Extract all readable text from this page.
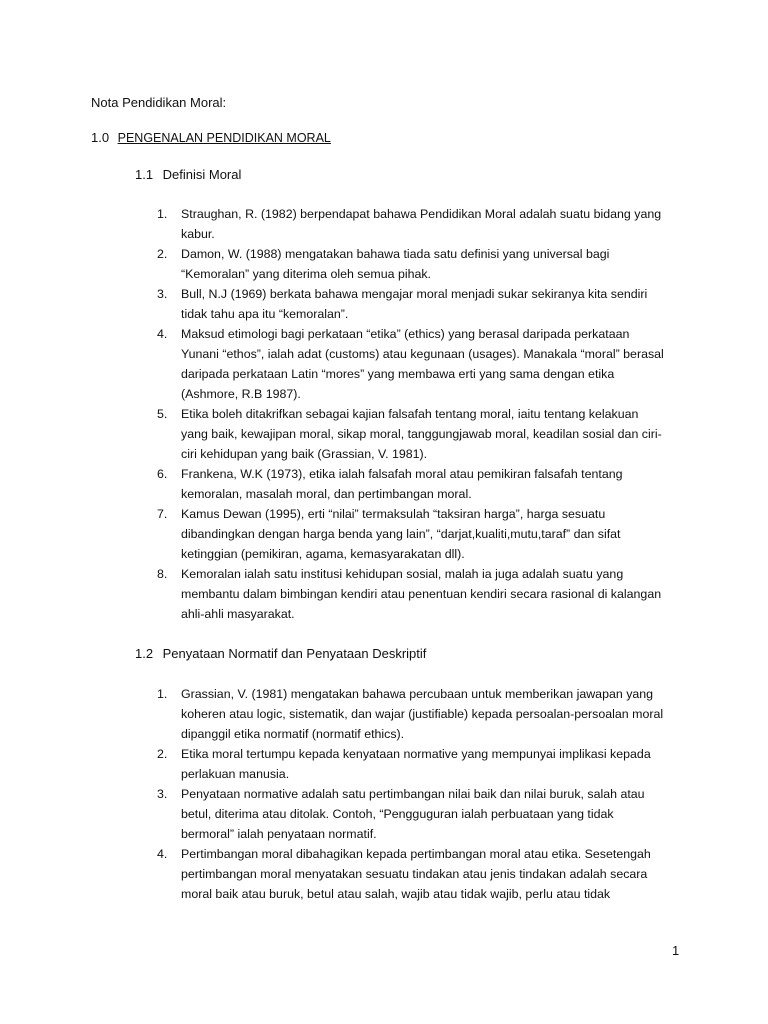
Nota Pendidikan Moral:
1.0 PENGENALAN PENDIDIKAN MORAL
1.1 Definisi Moral
1. Straughan, R. (1982) berpendapat bahawa Pendidikan Moral adalah suatu bidang yang
kabur.
2. Damon, W. (1988) mengatakan bahawa tiada satu definisi yang universal bagi
“Kemoralan” yang diterima oleh semua pihak.
3. Bull, N.J (1969) berkata bahawa mengajar moral menjadi sukar sekiranya kita sendiri
tidak tahu apa itu “kemoralan”.
4. Maksud etimologi bagi perkataan “etika” (ethics) yang berasal daripada perkataan
Yunani “ethos”, ialah adat (customs) atau kegunaan (usages). Manakala “moral” berasal
daripada perkataan Latin “mores” yang membawa erti yang sama dengan etika
(Ashmore, R.B 1987).
5. Etika boleh ditakrifkan sebagai kajian falsafah tentang moral, iaitu tentang kelakuan
yang baik, kewajipan moral, sikap moral, tanggungjawab moral, keadilan sosial dan ciri-
ciri kehidupan yang baik (Grassian, V. 1981).
6. Frankena, W.K (1973), etika ialah falsafah moral atau pemikiran falsafah tentang
kemoralan, masalah moral, dan pertimbangan moral.
7. Kamus Dewan (1995), erti “nilai” termaksulah “taksiran harga”, harga sesuatu
dibandingkan dengan harga benda yang lain”, “darjat,kualiti,mutu,taraf” dan sifat
ketinggian (pemikiran, agama, kemasyarakatan dll).
8. Kemoralan ialah satu institusi kehidupan sosial, malah ia juga adalah suatu yang
membantu dalam bimbingan kendiri atau penentuan kendiri secara rasional di kalangan
ahli-ahli masyarakat.
1.2 Penyataan Normatif dan Penyataan Deskriptif
1. Grassian, V. (1981) mengatakan bahawa percubaan untuk memberikan jawapan yang
koheren atau logic, sistematik, dan wajar (justifiable) kepada persoalan-persoalan moral
dipanggil etika normatif (normatif ethics).
2. Etika moral tertumpu kepada kenyataan normative yang mempunyai implikasi kepada
perlakuan manusia.
3. Penyataan normative adalah satu pertimbangan nilai baik dan nilai buruk, salah atau
betul, diterima atau ditolak. Contoh, “Pengguguran ialah perbuataan yang tidak
bermoral” ialah penyataan normatif.
4. Pertimbangan moral dibahagikan kepada pertimbangan moral atau etika. Sesetengah
pertimbangan moral menyatakan sesuatu tindakan atau jenis tindakan adalah secara
moral baik atau buruk, betul atau salah, wajib atau tidak wajib, perlu atau tidak
1
